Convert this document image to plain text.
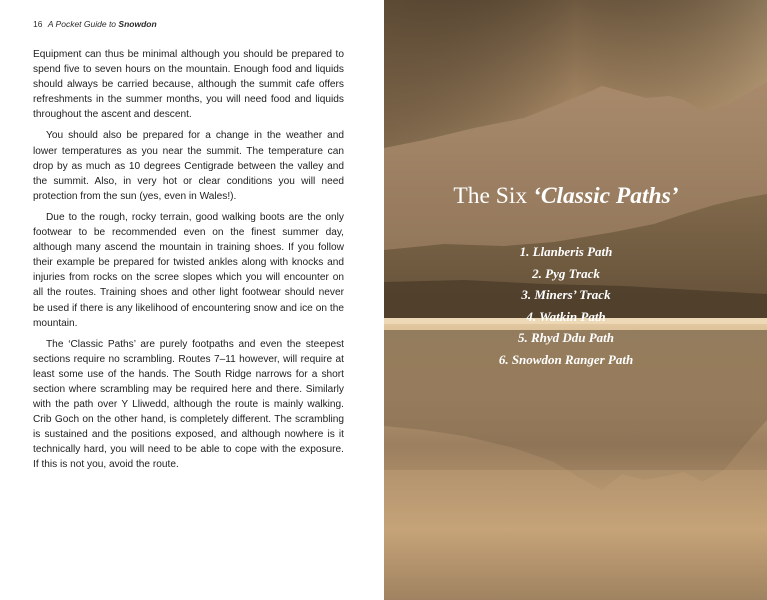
16 A Pocket Guide to Snowdon

Equipment can thus be minimal although you should be prepared to spend five to seven hours on the mountain. Enough food and liquids should always be carried because, although the summit cafe offers refreshments in the summer months, you will need food and liquids throughout the ascent and descent.

You should also be prepared for a change in the weather and lower temperatures as you near the summit. The temperature can drop by as much as 10 degrees Centigrade between the valley and the summit. Also, in very hot or clear conditions you will need protection from the sun (yes, even in Wales!).

Due to the rough, rocky terrain, good walking boots are the only footwear to be recommended even on the finest summer day, although many ascend the mountain in training shoes. If you follow their example be prepared for twisted ankles along with knocks and injuries from rocks on the scree slopes which you will encounter on all the routes. Training shoes and other light footwear should never be used if there is any likelihood of encountering snow and ice on the mountain.

The ‘Classic Paths’ are purely footpaths and even the steepest sections require no scrambling. Routes 7–11 however, will require at least some use of the hands. The South Ridge narrows for a short section where scrambling may be required here and there. Similarly with the path over Y Lliwedd, although the route is mainly walking. Crib Goch on the other hand, is completely different. The scrambling is sustained and the positions exposed, and although nowhere is it technically hard, you will need to be able to cope with the exposure. If this is not you, avoid the route.

The Six ‘Classic Paths’
1. Llanberis Path
2. Pyg Track
3. Miners’ Track
4. Watkin Path
5. Rhyd Ddu Path
6. Snowdon Ranger Path
